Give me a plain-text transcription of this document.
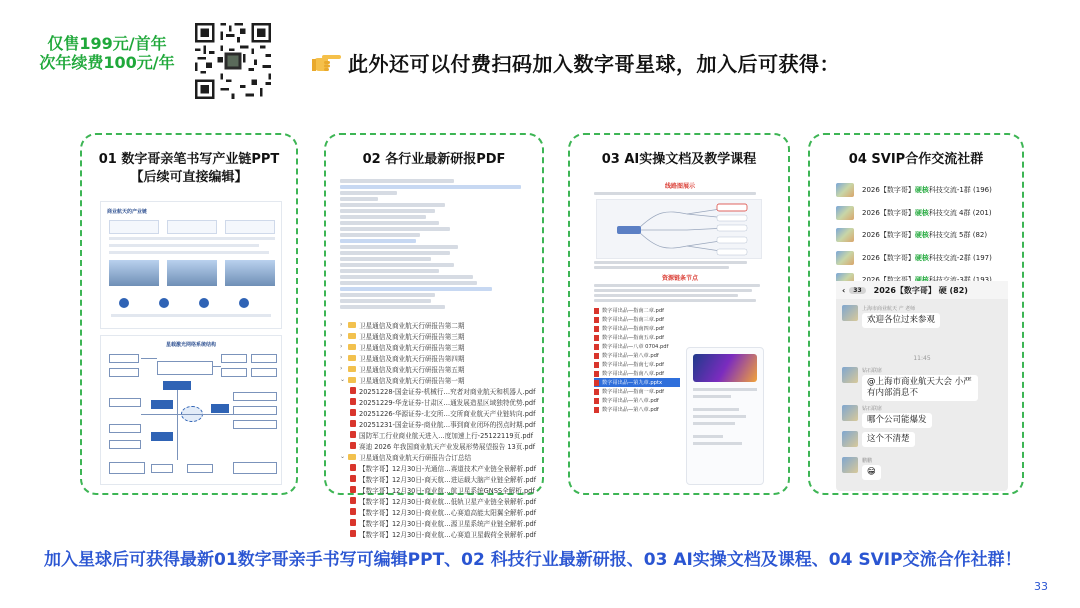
仅售199元/首年
次年续费100元/年	此外还可以付费扫码加入数字哥星球，加入后可获得：
01 数字哥亲笔书写产业链PPT
【后续可直接编辑】
商业航天的产业链
星载激光网络系统结构
02 各行业最新研报PDF
›	卫星通信及商业航天行研报告第二期
›	卫星通信及商业航天行研报告第三期
›	卫星通信及商业航天行研报告第三期
›	卫星通信及商业航天行研报告第四期
›	卫星通信及商业航天行研报告第五期
⌄ 卫星通信及商业航天行研报告第一期
20251228-国金证券-机械行…究者对商业航天和机器人.pdf
20251229-华龙证券-甘肃区…通发展造星区域独特优势.pdf
20251226-华源证券-北交所…交所商业航天产业链转向.pdf
20251231-国金证券-商业航…事到商业闭环的拐点时期.pdf
国防军工行业商业航天进入…度加速上行-25122119页.pdf
赛迪 2026 年我国商业航天产业发展形势展望报告 13页.pdf
⌄ 卫星通信及商业航天行研报告合订总结
【数字哥】12月30日-光通信…赛道技术产业链全景解析.pdf
【数字哥】12月30日-商天航…进运载大脑产业链全解析.pdf
【数字哥】12月30日-商业航…航卫星系统GNSS全解析.pdf
【数字哥】12月30日-商业航…低轨卫星产业链全景解析.pdf
【数字哥】12月30日-商业航…心赛道高能太阳翼全解析.pdf
【数字哥】12月30日-商业航…源卫星系统产业链全解析.pdf
【数字哥】12月30日-商业航…心赛道卫星载荷全景解析.pdf
03 AI实操文档及教学课程
线路图展示
资源链条节点
数字哥出品—指南二章.pdf
数字哥出品—指南三章.pdf
数字哥出品—指南四章.pdf
数字哥出品—指南五章.pdf
数字哥出品—八章 0704.pdf
数字哥出品—第八章.pdf
数字哥出品—指南七章.pdf
数字哥出品—指南八章.pdf
数字哥出品—第九章.pptx
数字哥出品—指南一章.pdf
数字哥出品—第八章.pdf
数字哥出品—第八章.pdf
04 SVIP合作交流社群
2026【数字哥】 硬核 科技交流-1群 (196)
2026【数字哥】 硬核 科技交流 4群 (201)
2026【数字哥】 硬核 科技交流 5群 (82)
2026【数字哥】 硬核 科技交流-2群 (197)
‹	33	2026【数字哥】 硬 (82)
上海市商业航天 产 老师
欢迎各位过来参观
11:45
钻石联席
@上海市商业航天大会 小严 有内部消息不
钻石联席
哪个公司能爆发
这个不清楚
鹏鹏
😁
加入星球后可获得最新01数字哥亲手书写可编辑PPT、02 科技行业最新研报、03 AI实操文档及课程、04 SVIP交流合作社群！
33
